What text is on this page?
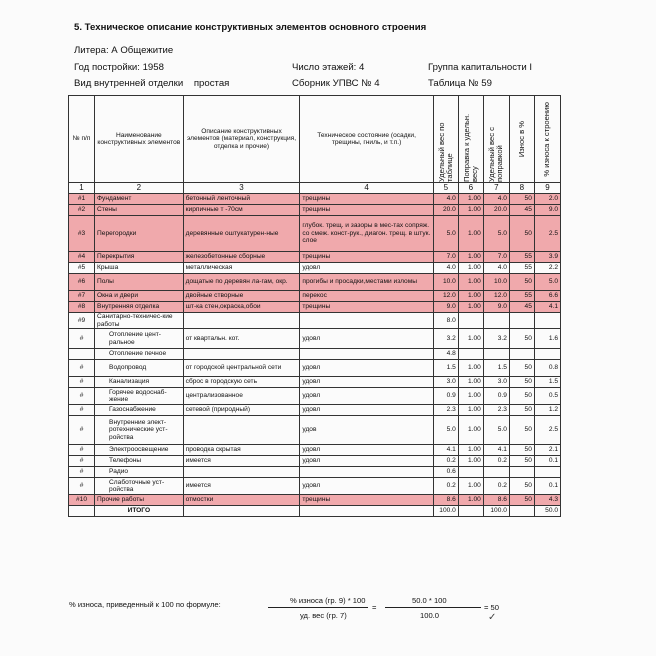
5. Техническое описание конструктивных элементов основного строения
Литера: А Общежитие
Год постройки: 1958	Число этажей: 4	Группа капитальности I
Вид внутренней отделки    простая	Сборник УПВС № 4	Таблица № 59
№ п/п	Наименование конструктивных элементов	Описание конструктивных элементов (материал, конструкция, отделка и прочие)	Техническое состояние (осадки, трещины, гниль, и т.п.)	Удельный вес по таблице	Поправка к удельн. весу	Удельный вес с поправкой	Износ в %	% износа к строению

1	2	3	4	5	6	7	8	9
#1	Фундамент	бетонный ленточный	трещины	4.0	1.00	4.0	50	2.0
#2	Стены	кирпичные т -70см	трещины	20.0	1.00	20.0	45	9.0
#3	Перегородки	деревянные оштукатурен-ные	глубок. трещ. и зазоры в мес-тах сопряж. со смеж. конст-рук., диагон. трещ. в штук. слое	5.0	1.00	5.0	50	2.5
#4	Перекрытия	железобетонные сборные	трещины	7.0	1.00	7.0	55	3.9
#5	Крыша	металлическая	удовл	4.0	1.00	4.0	55	2.2
#6	Полы	дощатые по деревян ла-гам, окр.	прогибы и просадки,местами изломы	10.0	1.00	10.0	50	5.0
#7	Окна и двери	двойные створные	перекос	12.0	1.00	12.0	55	6.6
#8	Внутренняя отделка	шт-ка стен,окраска,обои	трещины	9.0	1.00	9.0	45	4.1
#9	Санитарно-техничес-кие работы			8.0				
#	Отопление цент-ральное	от квартальн. кот.	удовл	3.2	1.00	3.2	50	1.6
	Отопление печное			4.8				
#	Водопровод	от городской центральной сети	удовл	1.5	1.00	1.5	50	0.8
#	Канализация	сброс в городскую сеть	удовл	3.0	1.00	3.0	50	1.5
#	Горячее водоснаб-жение	централизованное	удовл	0.9	1.00	0.9	50	0.5
#	Газоснабжение	сетевой (природный)	удовл	2.3	1.00	2.3	50	1.2
#	Внутренние элект-ротехнические уст-ройства		удов	5.0	1.00	5.0	50	2.5
#	Электроосвещение	проводка скрытая	удовл	4.1	1.00	4.1	50	2.1
#	Телефоны	имеется	удовл	0.2	1.00	0.2	50	0.1
#	Радио			0.6				
#	Слаботочные уст-ройства	имеется	удовл	0.2	1.00	0.2	50	0.1
#10	Прочие работы	отмостки	трещины	8.6	1.00	8.6	50	4.3
	ИТОГО			100.0		100.0		50.0
% износа, приведенный к 100 по формуле:	% износа (гр. 9) * 100
уд. вес (гр. 7)
=
50.0 * 100
100.0
= 50
✓
